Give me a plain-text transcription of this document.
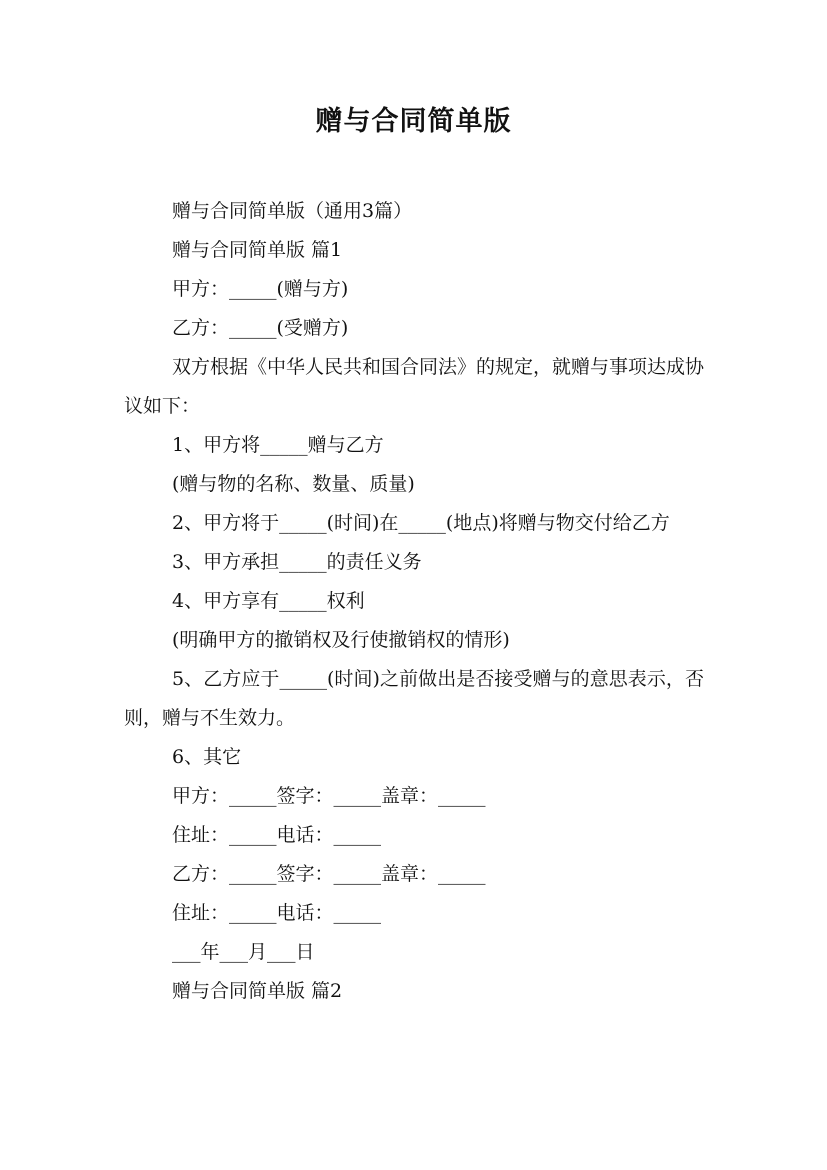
赠与合同简单版

赠与合同简单版（通用3篇）

赠与合同简单版 篇1

甲方：_____(赠与方)

乙方：_____(受赠方)

双方根据《中华人民共和国合同法》的规定，就赠与事项达成协议如下：

1、甲方将_____赠与乙方

(赠与物的名称、数量、质量)

2、甲方将于_____(时间)在_____(地点)将赠与物交付给乙方

3、甲方承担_____的责任义务

4、甲方享有_____权利

(明确甲方的撤销权及行使撤销权的情形)

5、乙方应于_____(时间)之前做出是否接受赠与的意思表示，否则，赠与不生效力。

6、其它

甲方：_____签字：_____盖章：_____

住址：_____电话：_____

乙方：_____签字：_____盖章：_____

住址：_____电话：_____

___年___月___日

赠与合同简单版 篇2
